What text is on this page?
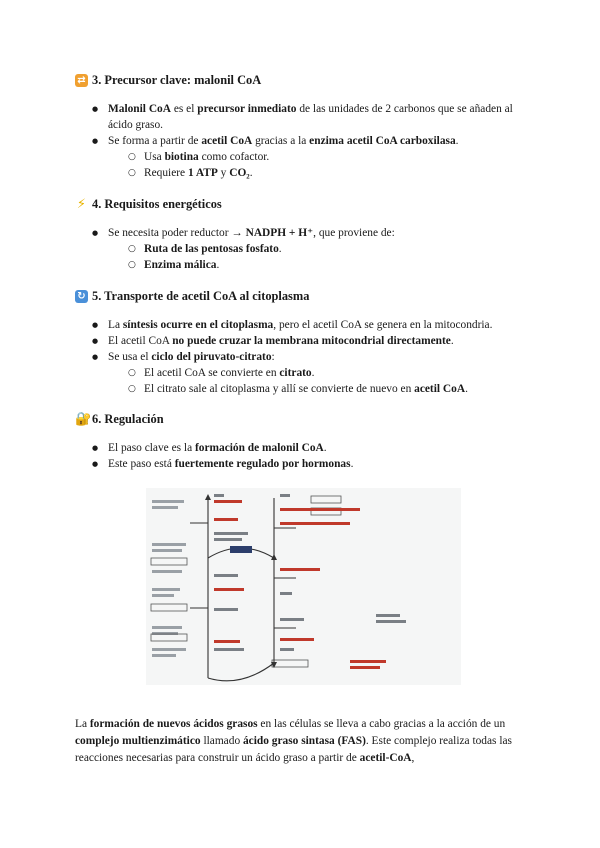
⇄ 3. Precursor clave: malonil CoA
● Malonil CoA es el precursor inmediato de las unidades de 2 carbonos que se añaden al ácido graso.
● Se forma a partir de acetil CoA gracias a la enzima acetil CoA carboxilasa.
○ Usa biotina como cofactor.
○ Requiere 1 ATP y CO₂.
⚡ 4. Requisitos energéticos
● Se necesita poder reductor → NADPH + H⁺, que proviene de:
○ Ruta de las pentosas fosfato.
○ Enzima málica.
↻ 5. Transporte de acetil CoA al citoplasma
● La síntesis ocurre en el citoplasma, pero el acetil CoA se genera en la mitocondria.
● El acetil CoA no puede cruzar la membrana mitocondrial directamente.
● Se usa el ciclo del piruvato-citrato:
○ El acetil CoA se convierte en citrato.
○ El citrato sale al citoplasma y allí se convierte de nuevo en acetil CoA.
🔐 6. Regulación
● El paso clave es la formación de malonil CoA.
● Este paso está fuertemente regulado por hormonas.

La formación de nuevos ácidos grasos en las células se lleva a cabo gracias a la acción de un complejo multienzimático llamado ácido graso sintasa (FAS). Este complejo realiza todas las reacciones necesarias para construir un ácido graso a partir de acetil-CoA,
